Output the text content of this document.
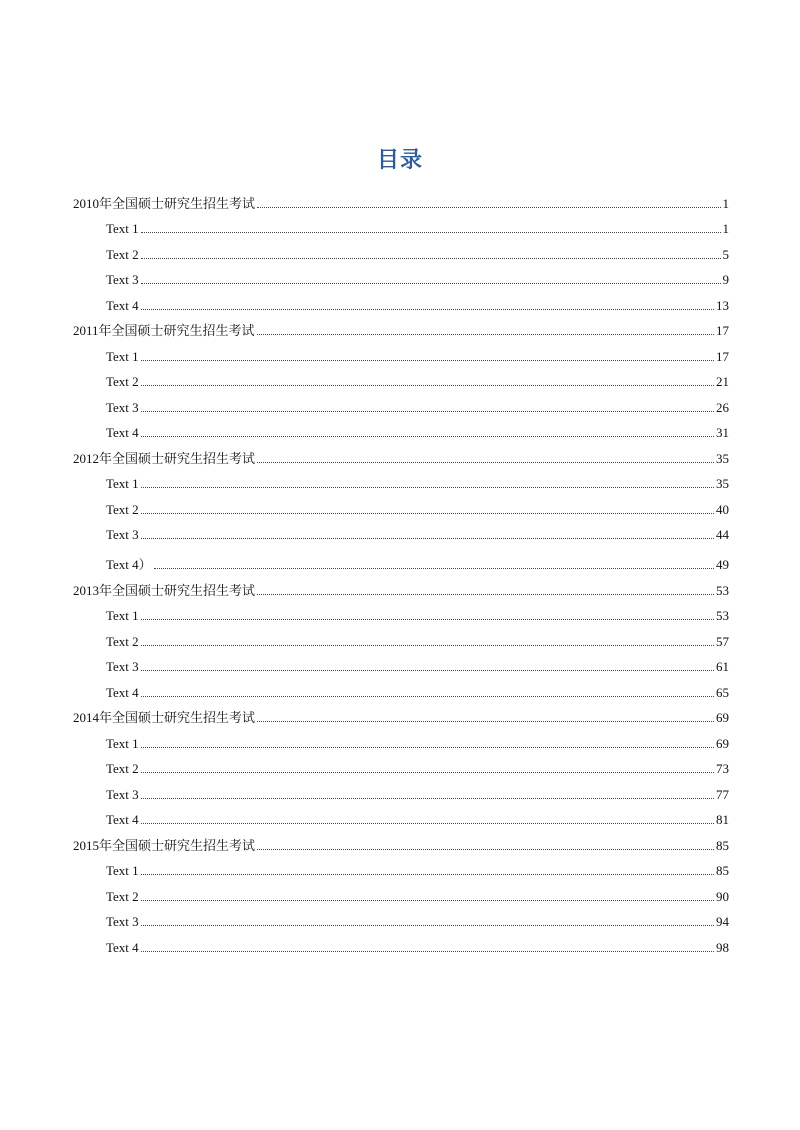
目录
2010年全国硕士研究生招生考试	1
Text 1	1
Text 2	5
Text 3	9
Text 4	13
2011年全国硕士研究生招生考试	17
Text 1	17
Text 2	21
Text 3	26
Text 4	31
2012年全国硕士研究生招生考试	35
Text 1	35
Text 2	40
Text 3	44
Text 4）	49
2013年全国硕士研究生招生考试	53
Text 1	53
Text 2	57
Text 3	61
Text 4	65
2014年全国硕士研究生招生考试	69
Text 1	69
Text 2	73
Text 3	77
Text 4	81
2015年全国硕士研究生招生考试	85
Text 1	85
Text 2	90
Text 3	94
Text 4	98
